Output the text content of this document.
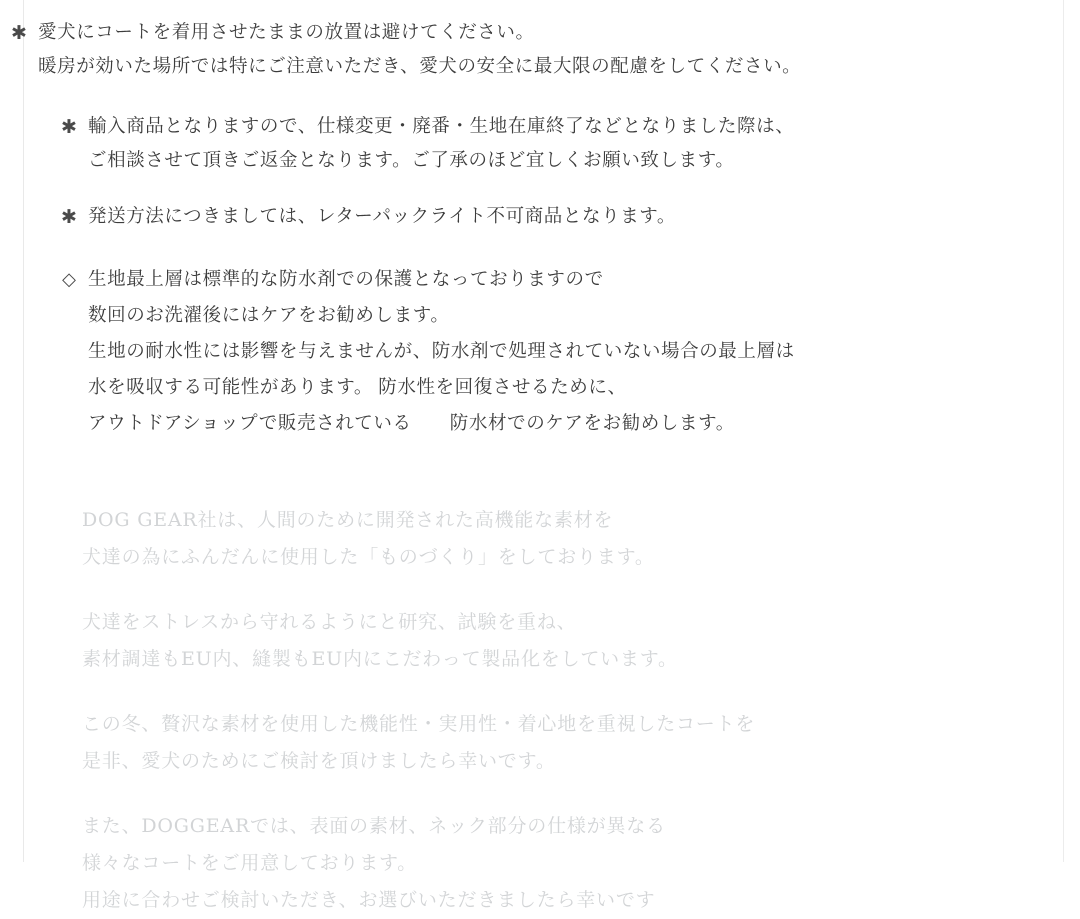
✱ 愛犬にコートを着用させたままの放置は避けてください。
暖房が効いた場所では特にご注意いただき、愛犬の安全に最大限の配慮をしてください。
✱ 輸入商品となりますので、仕様変更・廃番・生地在庫終了などとなりました際は、
ご相談させて頂きご返金となります。ご了承のほど宜しくお願い致します。
✱ 発送方法につきましては、レターパックライト不可商品となります。
◇ 生地最上層は標準的な防水剤での保護となっておりますので
数回のお洗濯後にはケアをお勧めします。
生地の耐水性には影響を与えませんが、防水剤で処理されていない場合の最上層は
水を吸収する可能性があります。 防水性を回復させるために、
アウトドアショップで販売されている　　防水材でのケアをお勧めします。
DOG GEAR社は、人間のために開発された高機能な素材を
犬達の為にふんだんに使用した「ものづくり」をしております。
犬達をストレスから守れるようにと研究、試験を重ね、
素材調達もEU内、縫製もEU内にこだわって製品化をしています。
この冬、贅沢な素材を使用した機能性・実用性・着心地を重視したコートを
是非、愛犬のためにご検討を頂けましたら幸いです。
また、DOGGEARでは、表面の素材、ネック部分の仕様が異なる
様々なコートをご用意しております。
用途に合わせご検討いただき、お選びいただきましたら幸いです
